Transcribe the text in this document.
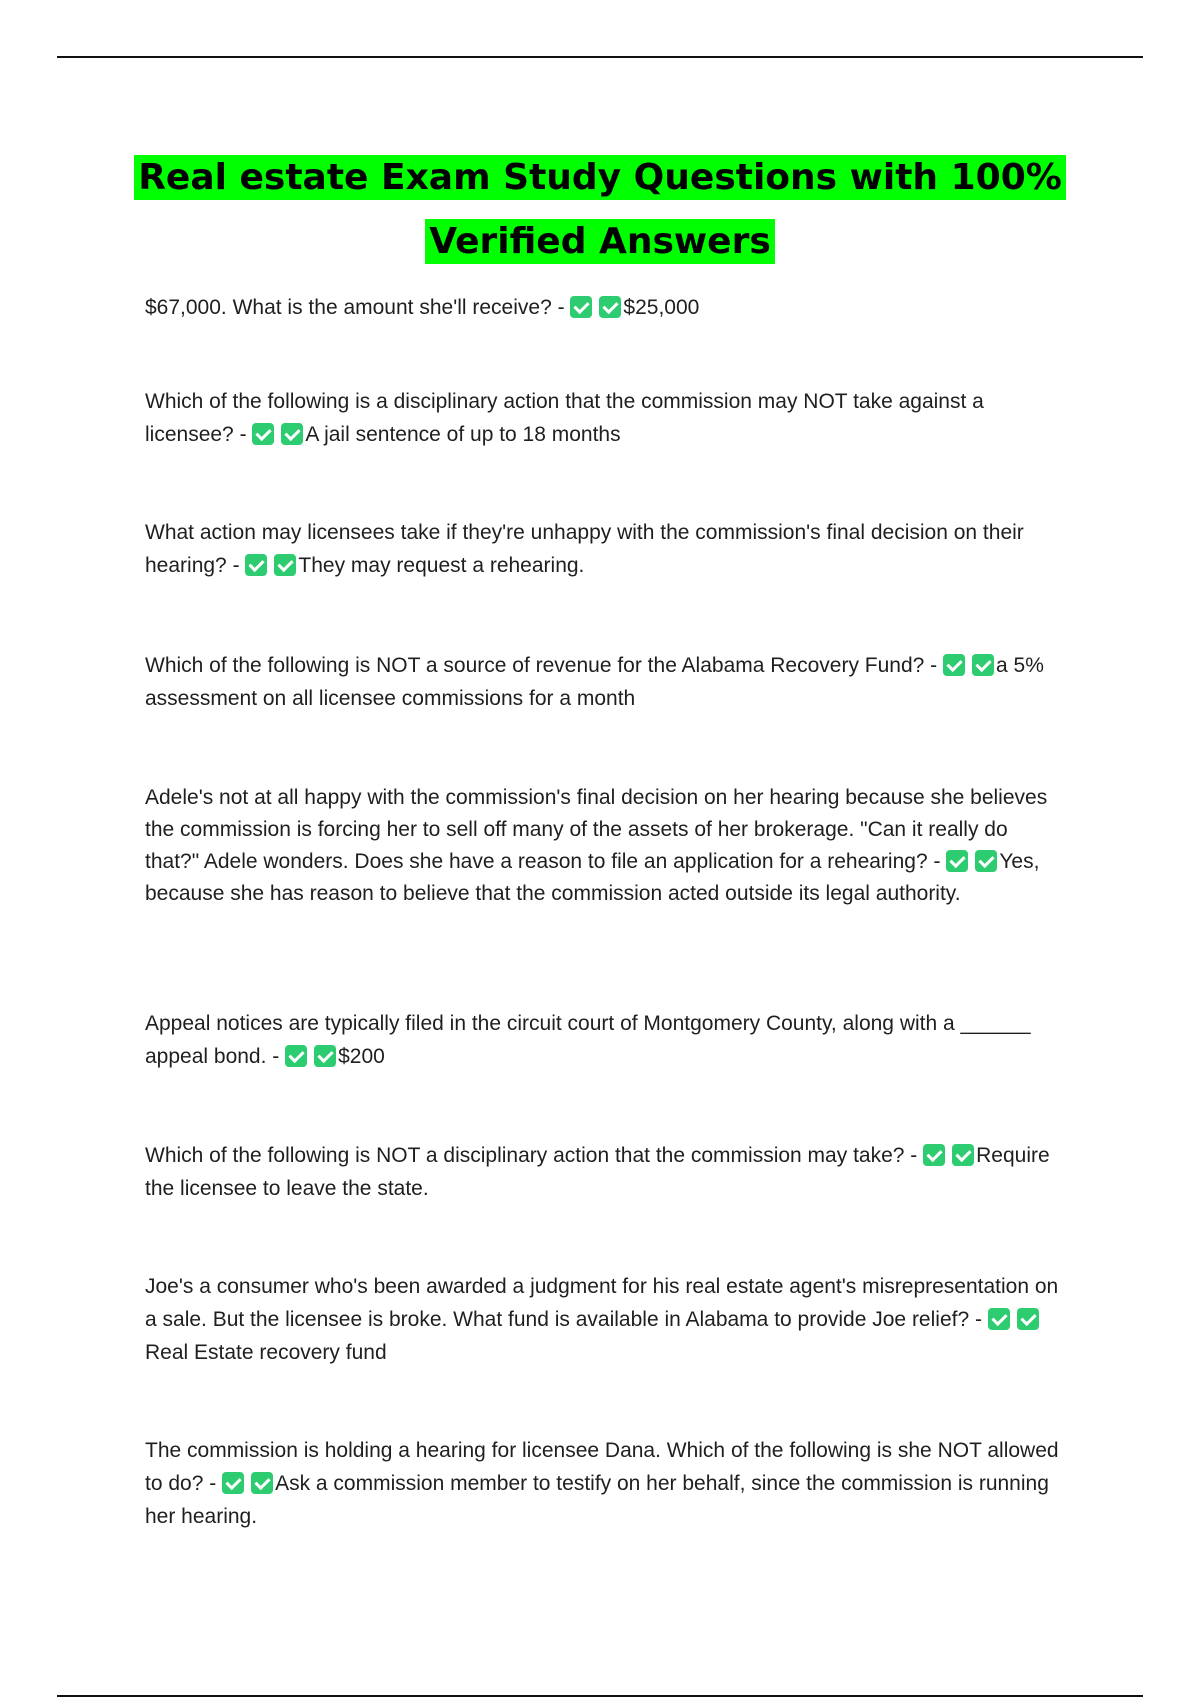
Real estate Exam Study Questions with 100% Verified Answers
$67,000. What is the amount she'll receive? -	$25,000
Which of the following is a disciplinary action that the commission may NOT take against a licensee? -	A jail sentence of up to 18 months
What action may licensees take if they're unhappy with the commission's final decision on their hearing? -	They may request a rehearing.
Which of the following is NOT a source of revenue for the Alabama Recovery Fund? -	a 5% assessment on all licensee commissions for a month
Adele's not at all happy with the commission's final decision on her hearing because she believes the commission is forcing her to sell off many of the assets of her brokerage. "Can it really do that?" Adele wonders. Does she have a reason to file an application for a rehearing? -	Yes, because she has reason to believe that the commission acted outside its legal authority.
Appeal notices are typically filed in the circuit court of Montgomery County, along with a ______ appeal bond. -	$200
Which of the following is NOT a disciplinary action that the commission may take? -	Require the licensee to leave the state.
Joe's a consumer who's been awarded a judgment for his real estate agent's misrepresentation on a sale. But the licensee is broke. What fund is available in Alabama to provide Joe relief? - Real Estate recovery fund
The commission is holding a hearing for licensee Dana. Which of the following is she NOT allowed to do? -	Ask a commission member to testify on her behalf, since the commission is running her hearing.
